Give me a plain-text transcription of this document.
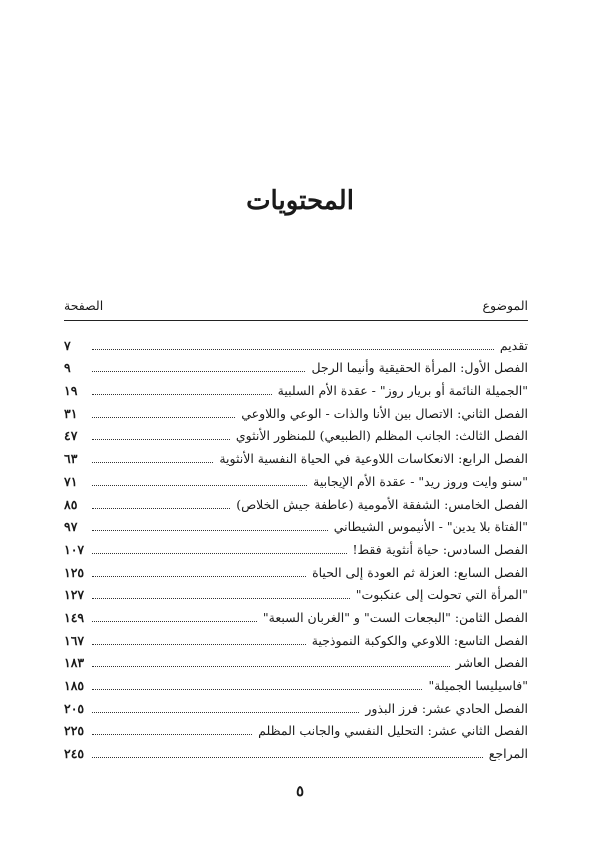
المحتويات
الموضوع
الصفحة
تقديم
٧
الفصل الأول: المرأة الحقيقية وأنيما الرجل
٩
"الجميلة النائمة أو بريار روز" - عقدة الأم السلبية
١٩
الفصل الثاني: الاتصال بين الأنا والذات - الوعي واللاوعي
٣١
الفصل الثالث: الجانب المظلم (الطبيعي) للمنظور الأنثوي
٤٧
الفصل الرابع: الانعكاسات اللاوعية في الحياة النفسية الأنثوية
٦٣
"سنو وايت وروز ريد" - عقدة الأم الإيجابية
٧١
الفصل الخامس: الشفقة الأمومية (عاطفة جيش الخلاص)
٨٥
"الفتاة بلا يدين" - الأنيموس الشيطاني
٩٧
الفصل السادس: حياة أنثوية فقط!
١٠٧
الفصل السابع: العزلة ثم العودة إلى الحياة
١٢٥
"المرأة التي تحولت إلى عنكبوت"
١٢٧
الفصل الثامن: "البجعات الست" و "الغربان السبعة"
١٤٩
الفصل التاسع: اللاوعي والكوكبة النموذجية
١٦٧
الفصل العاشر
١٨٣
"فاسيليسا الجميلة"
١٨٥
الفصل الحادي عشر: فرز البذور
٢٠٥
الفصل الثاني عشر: التحليل النفسي والجانب المظلم
٢٢٥
المراجع
٢٤٥
٥
